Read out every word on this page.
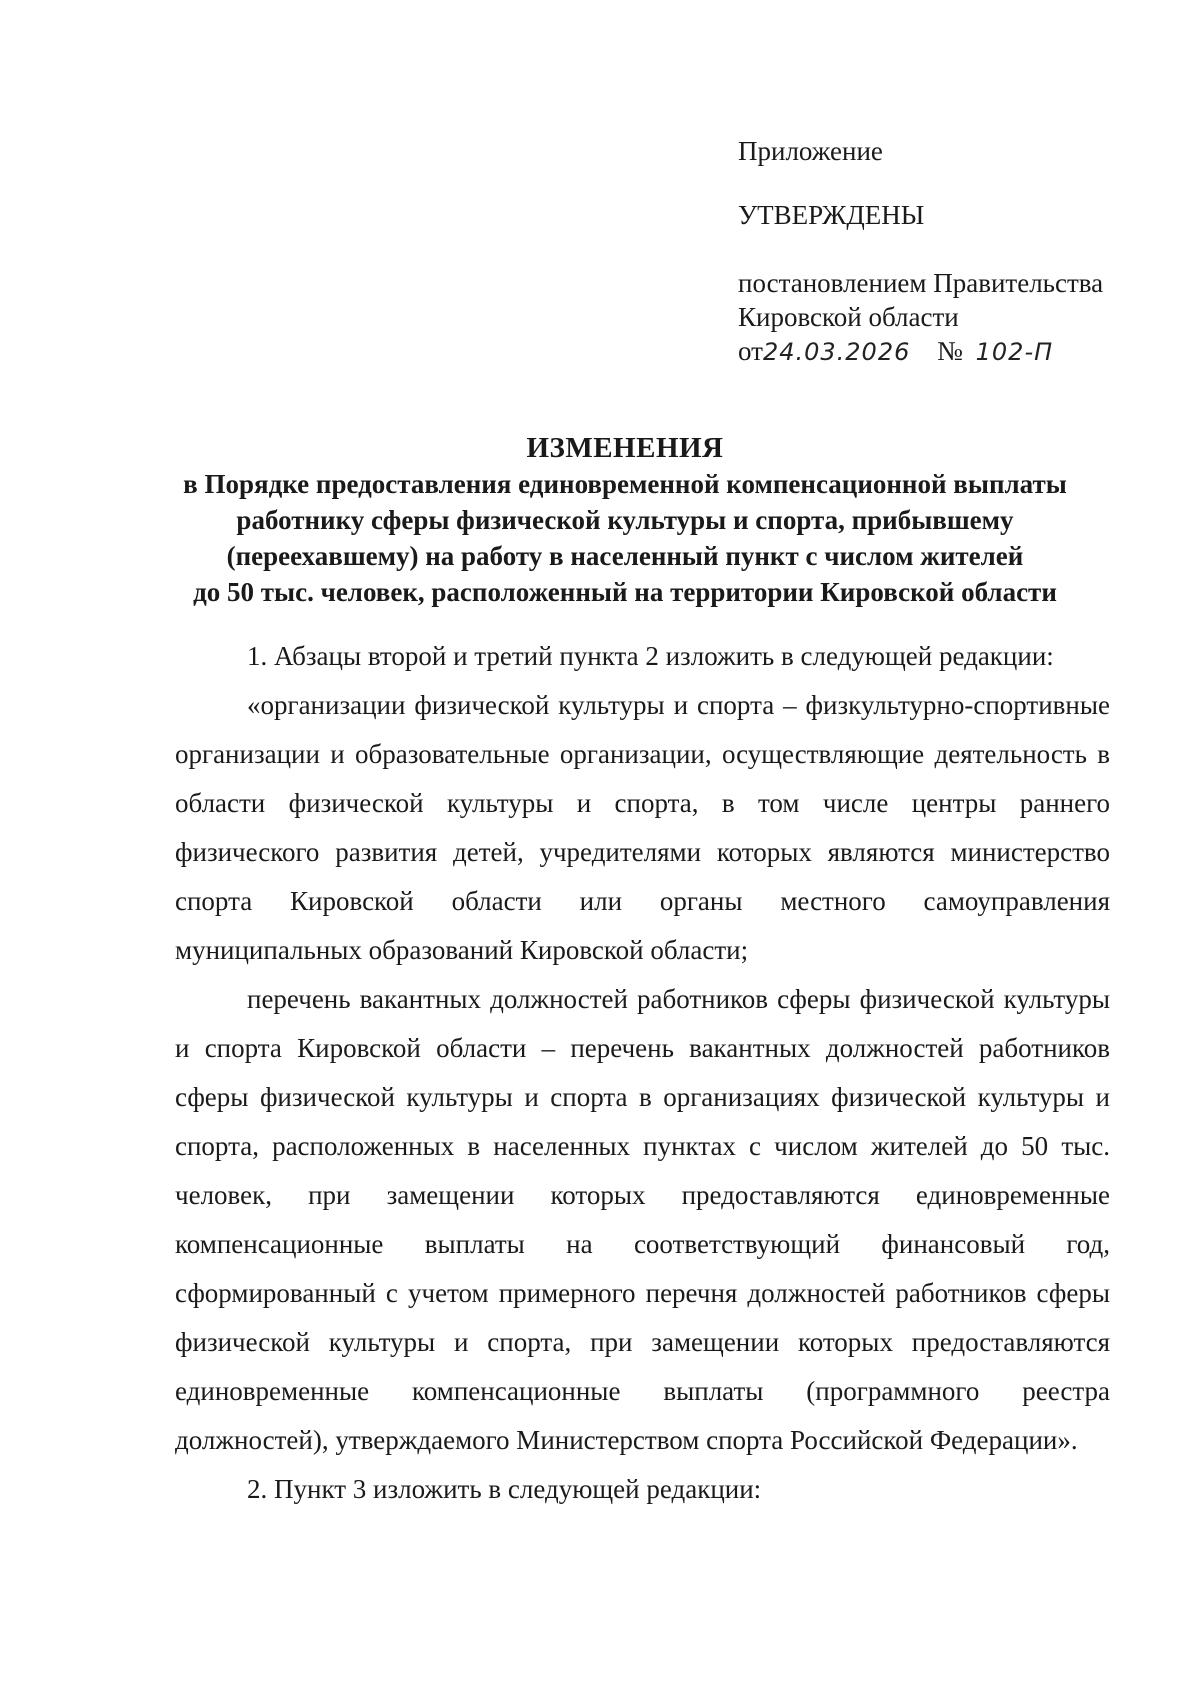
Приложение
УТВЕРЖДЕНЫ
постановлением Правительства
Кировской области
от24.03.2026 № 102-П
ИЗМЕНЕНИЯ
в Порядке предоставления единовременной компенсационной выплаты
работнику сферы физической культуры и спорта, прибывшему
(переехавшему) на работу в населенный пункт с числом жителей
до 50 тыс. человек, расположенный на территории Кировской области

1. Абзацы второй и третий пункта 2 изложить в следующей редакции:

«организации физической культуры и спорта – физкультурно-спортивные организации и образовательные организации, осуществляющие деятельность в области физической культуры и спорта, в том числе центры раннего физического развития детей, учредителями которых являются министерство спорта Кировской области или органы местного самоуправления муниципальных образований Кировской области;

перечень вакантных должностей работников сферы физической культуры и спорта Кировской области – перечень вакантных должностей работников сферы физической культуры и спорта в организациях физической культуры и спорта, расположенных в населенных пунктах с числом жителей до 50 тыс. человек, при замещении которых предоставляются единовременные компенсационные выплаты на соответствующий финансовый год, сформированный с учетом примерного перечня должностей работников сферы физической культуры и спорта, при замещении которых предоставляются единовременные компенсационные выплаты (программного реестра должностей), утверждаемого Министерством спорта Российской Федерации».

2. Пункт 3 изложить в следующей редакции:
